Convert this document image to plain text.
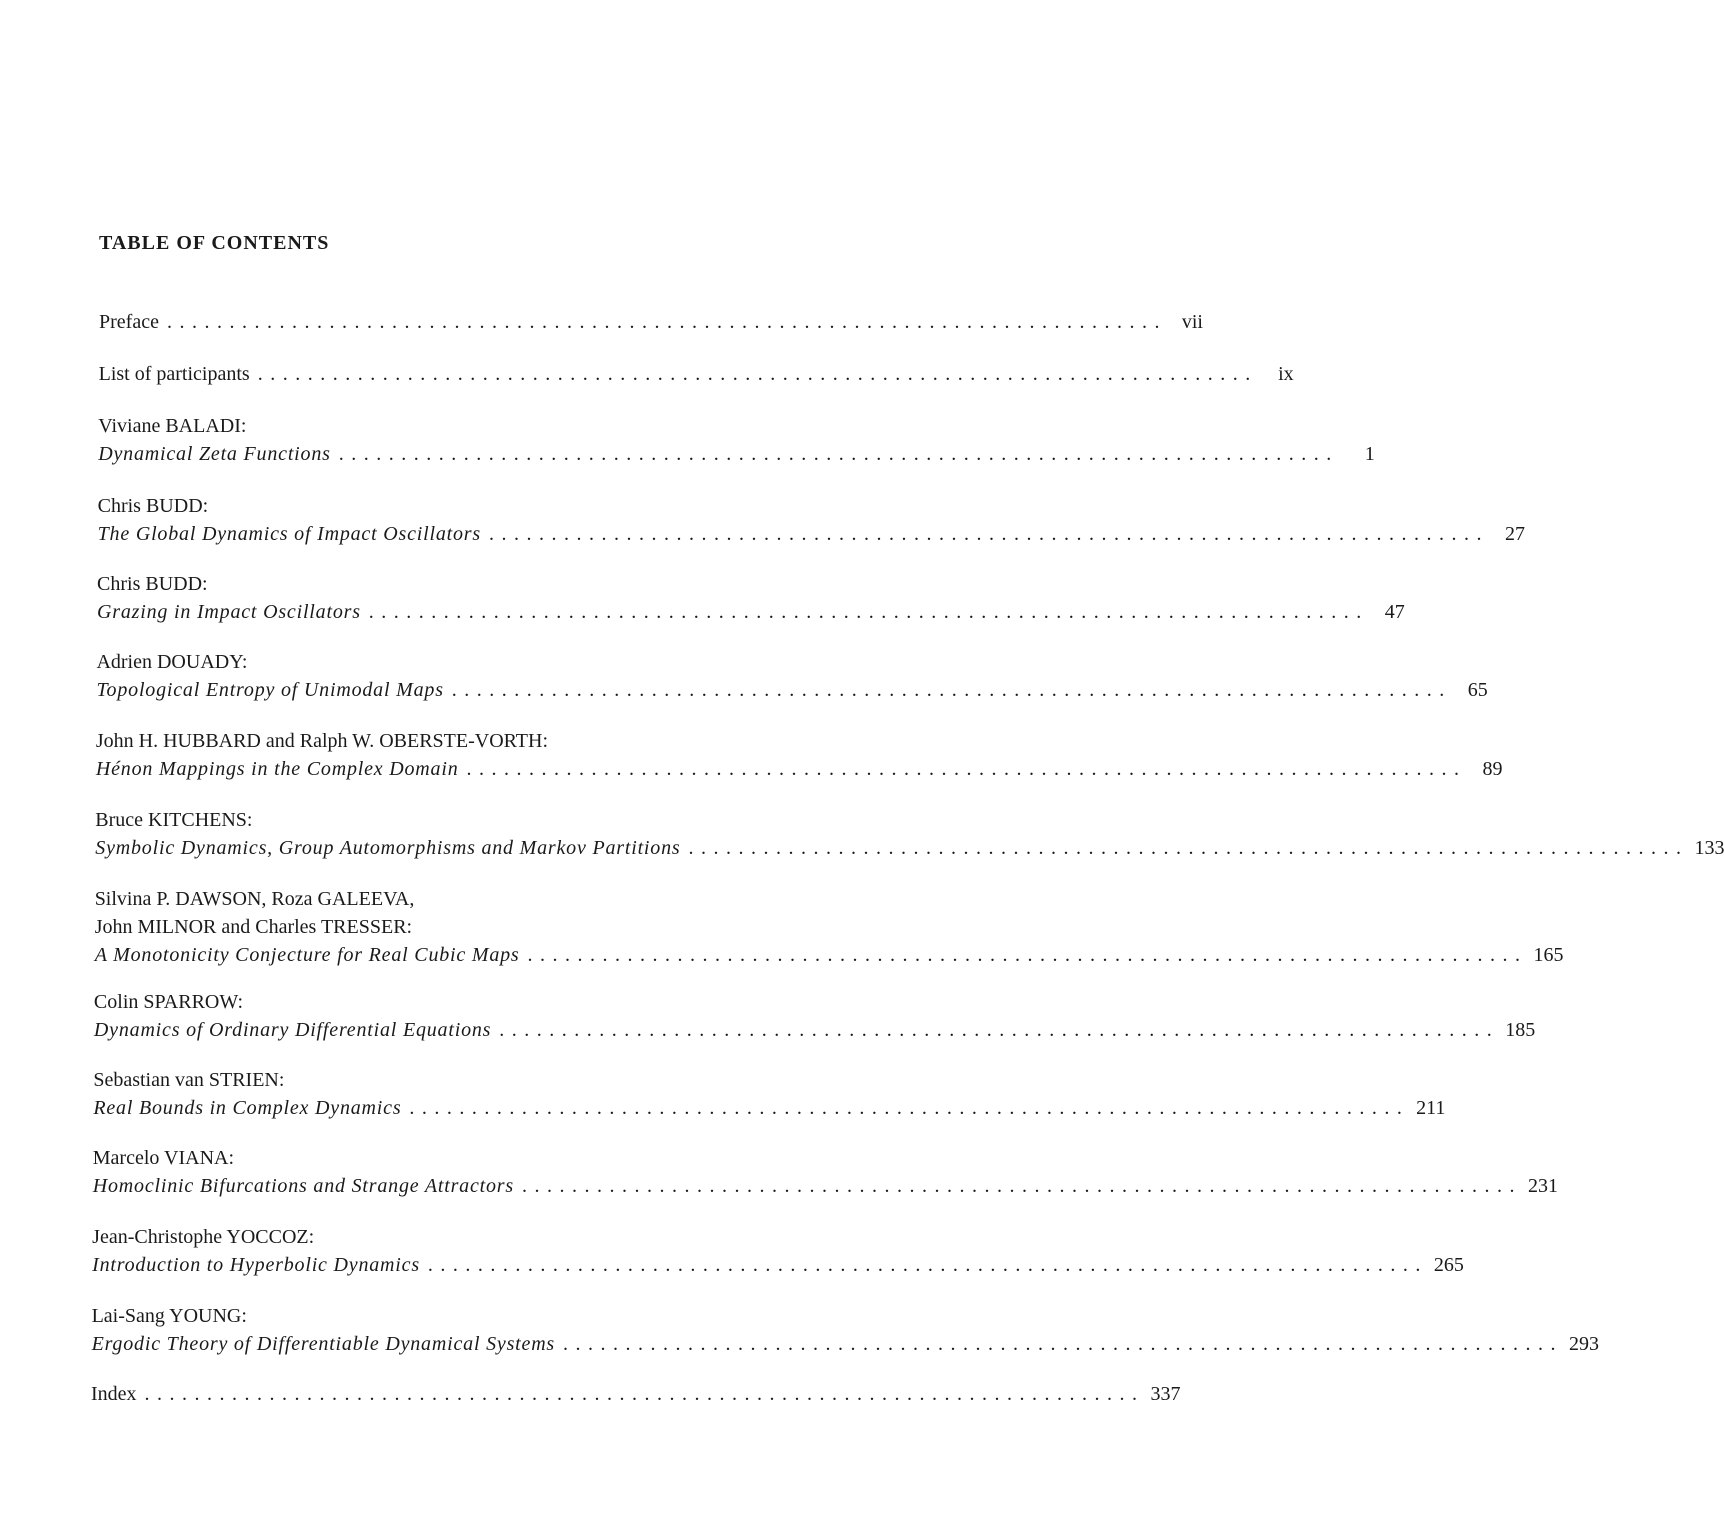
TABLE OF CONTENTS
Preface ................................................................................ vii
List of participants ................................................................................	ix
Viviane BALADI:
Dynamical Zeta Functions ................................................................................	1
Chris BUDD:
The Global Dynamics of Impact Oscillators ................................................................................ 27
Chris BUDD:
Grazing in Impact Oscillators ................................................................................ 47
Adrien DOUADY:
Topological Entropy of Unimodal Maps ................................................................................ 65
John H. HUBBARD and Ralph W. OBERSTE-VORTH:
Hénon Mappings in the Complex Domain ................................................................................ 89
Bruce KITCHENS:
Symbolic Dynamics, Group Automorphisms and Markov Partitions ................................................................................ 133
Silvina P. DAWSON, Roza GALEEVA,
John MILNOR and Charles TRESSER:
A Monotonicity Conjecture for Real Cubic Maps ................................................................................ 165
Colin SPARROW:
Dynamics of Ordinary Differential Equations ................................................................................ 185
Sebastian van STRIEN:
Real Bounds in Complex Dynamics ................................................................................ 211
Marcelo VIANA:
Homoclinic Bifurcations and Strange Attractors ................................................................................ 231
Jean-Christophe YOCCOZ:
Introduction to Hyperbolic Dynamics ................................................................................ 265
Lai-Sang YOUNG:
Ergodic Theory of Differentiable Dynamical Systems ................................................................................ 293
Index ................................................................................ 337
